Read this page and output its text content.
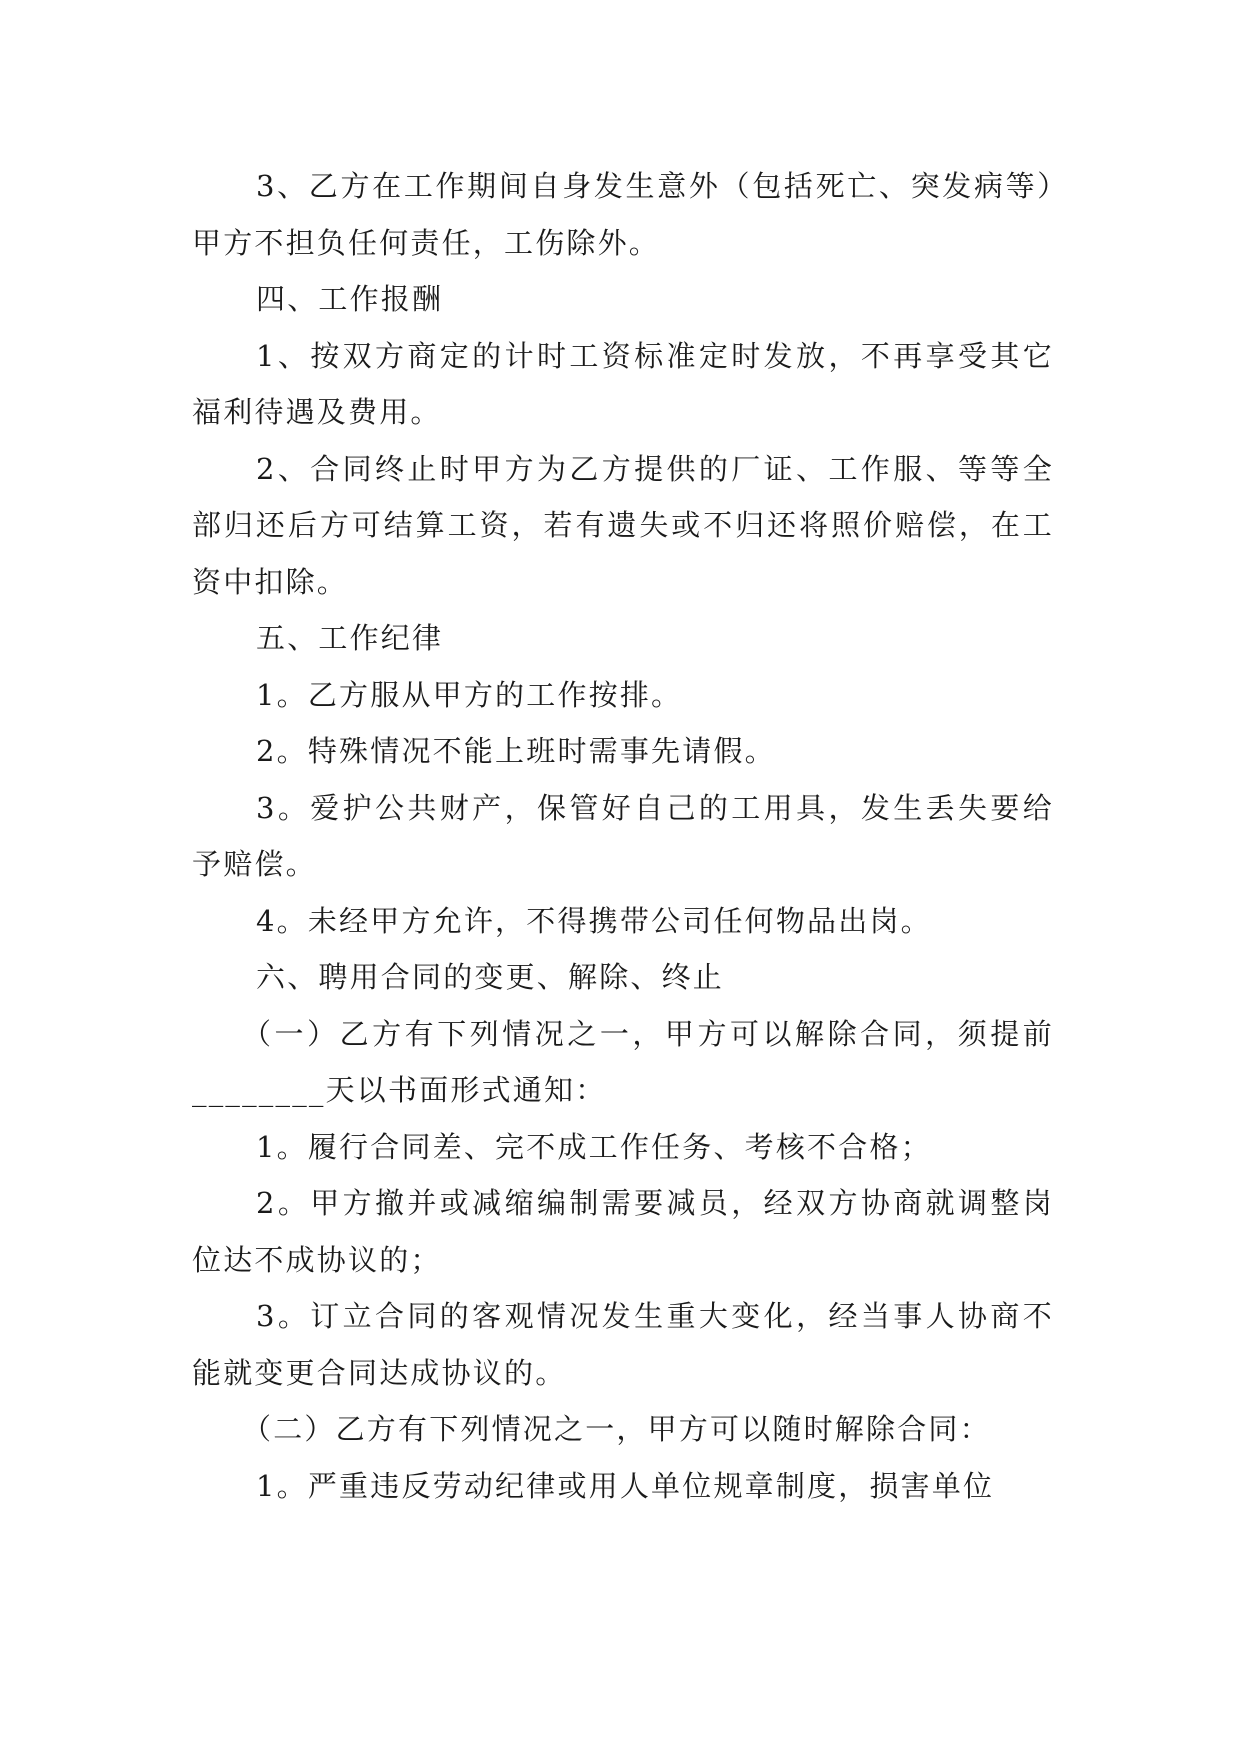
3、乙方在工作期间自身发生意外（包括死亡、突发病等）甲方不担负任何责任，工伤除外。

四、工作报酬

1、按双方商定的计时工资标准定时发放，不再享受其它福利待遇及费用。

2、合同终止时甲方为乙方提供的厂证、工作服、等等全部归还后方可结算工资，若有遗失或不归还将照价赔偿，在工资中扣除。

五、工作纪律

1。乙方服从甲方的工作按排。

2。特殊情况不能上班时需事先请假。

3。爱护公共财产，保管好自己的工用具，发生丢失要给予赔偿。

4。未经甲方允许，不得携带公司任何物品出岗。

六、聘用合同的变更、解除、终止

（一）乙方有下列情况之一，甲方可以解除合同，须提前________天以书面形式通知：

1。履行合同差、完不成工作任务、考核不合格；

2。甲方撤并或减缩编制需要减员，经双方协商就调整岗位达不成协议的；

3。订立合同的客观情况发生重大变化，经当事人协商不能就变更合同达成协议的。

（二）乙方有下列情况之一，甲方可以随时解除合同：

1。严重违反劳动纪律或用人单位规章制度，损害单位
